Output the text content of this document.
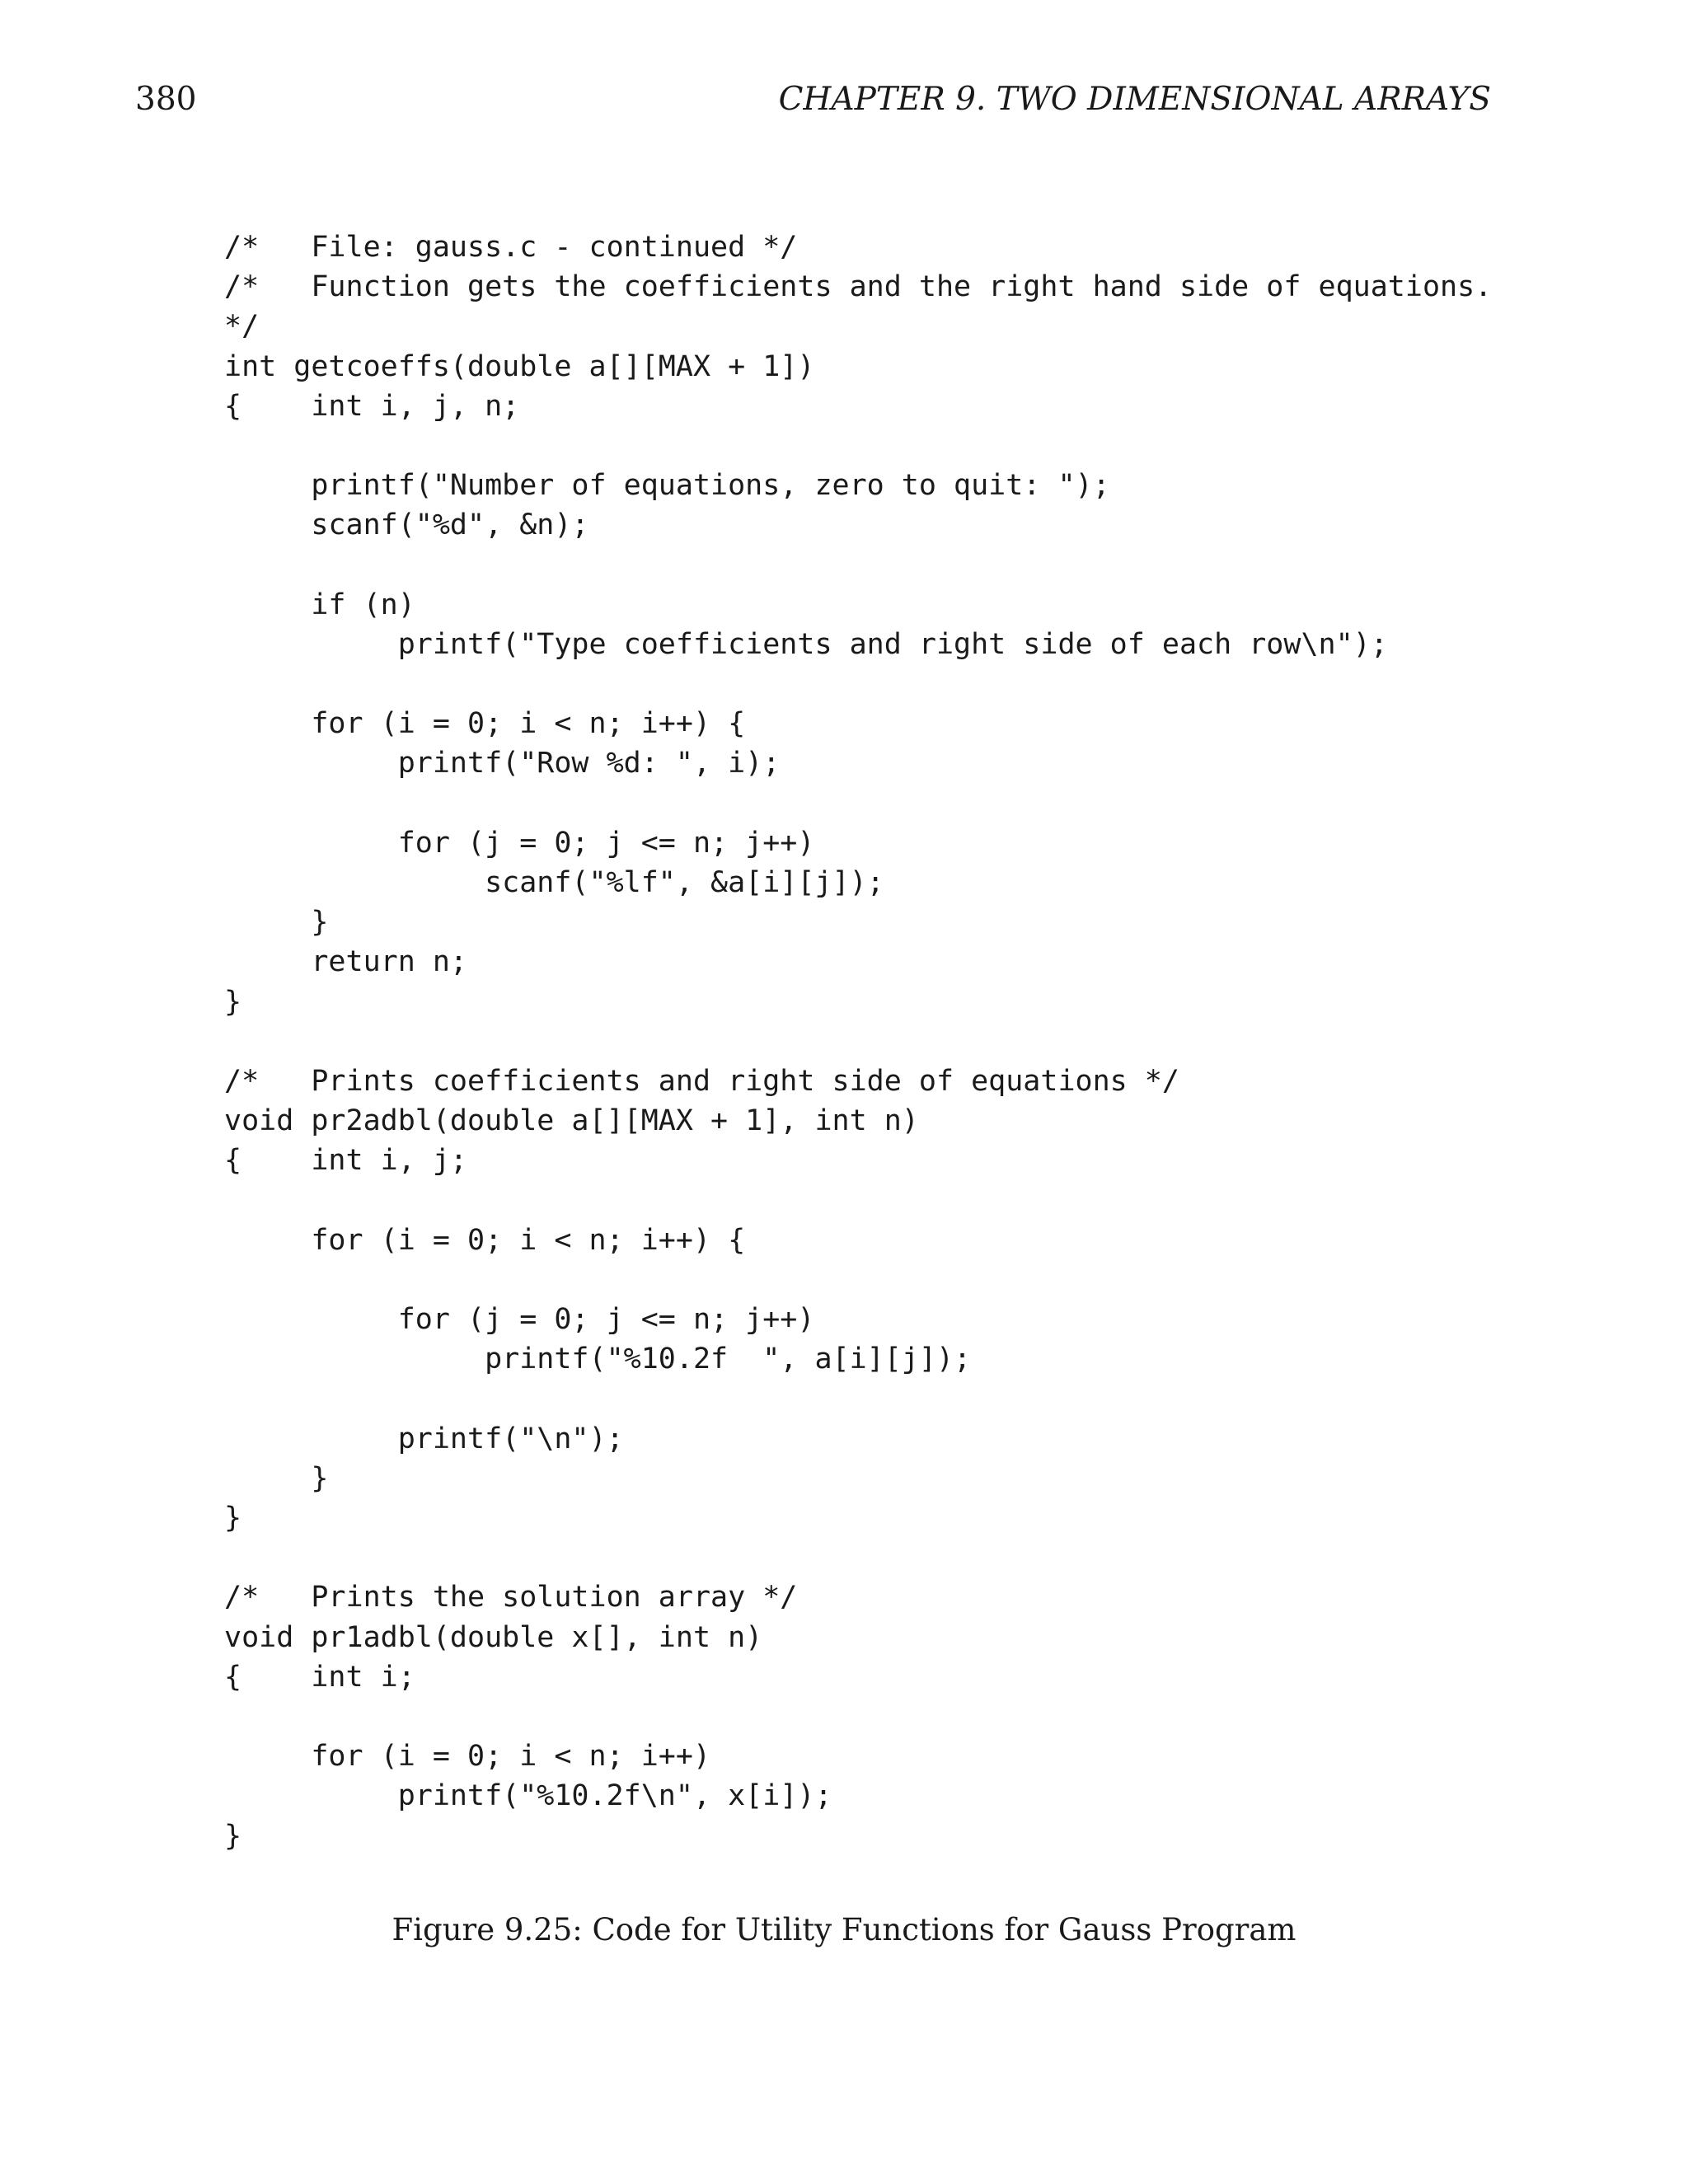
380	CHAPTER 9. TWO DIMENSIONAL ARRAYS
/*   File: gauss.c - continued */
/*   Function gets the coefficients and the right hand side of equations.
*/
int getcoeffs(double a[][MAX + 1])
{    int i, j, n;
printf("Number of equations, zero to quit: ");
scanf("%d", &n);
if (n)
printf("Type coefficients and right side of each row\n");
for (i = 0; i < n; i++) {
printf("Row %d: ", i);
for (j = 0; j <= n; j++)
scanf("%lf", &a[i][j]);
}
return n;
}
/*   Prints coefficients and right side of equations */
void pr2adbl(double a[][MAX + 1], int n)
{    int i, j;
for (i = 0; i < n; i++) {
for (j = 0; j <= n; j++)
printf("%10.2f  ", a[i][j]);
printf("\n");
}
}
/*   Prints the solution array */
void pr1adbl(double x[], int n)
{    int i;
for (i = 0; i < n; i++)
printf("%10.2f\n", x[i]);
}
Figure 9.25: Code for Utility Functions for Gauss Program
